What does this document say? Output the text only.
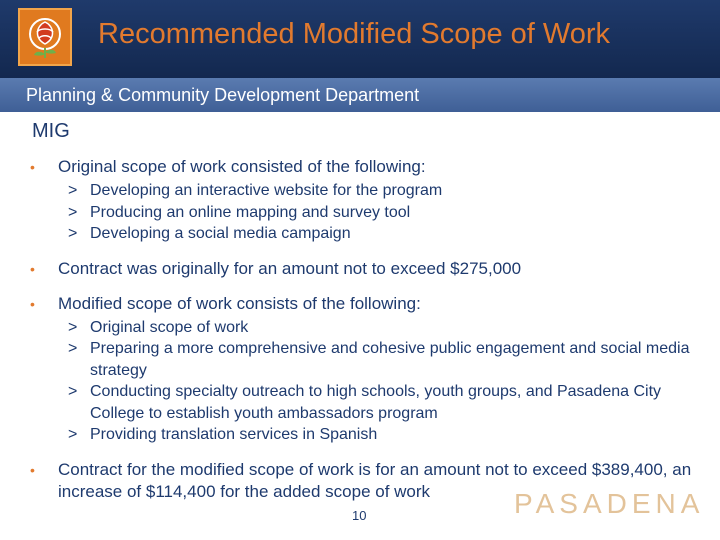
Recommended Modified Scope of Work
Planning & Community Development Department
MIG
• Original scope of work consisted of the following:
> Developing an interactive website for the program
> Producing an online mapping and survey tool
> Developing a social media campaign
• Contract was originally for an amount not to exceed $275,000
• Modified scope of work consists of the following:
> Original scope of work
> Preparing a more comprehensive and cohesive public engagement and social media strategy
> Conducting specialty outreach to high schools, youth groups, and Pasadena City College to establish youth ambassadors program
> Providing translation services in Spanish
• Contract for the modified scope of work is for an amount not to exceed $389,400, an increase of $114,400 for the added scope of work	PASADENA
10
